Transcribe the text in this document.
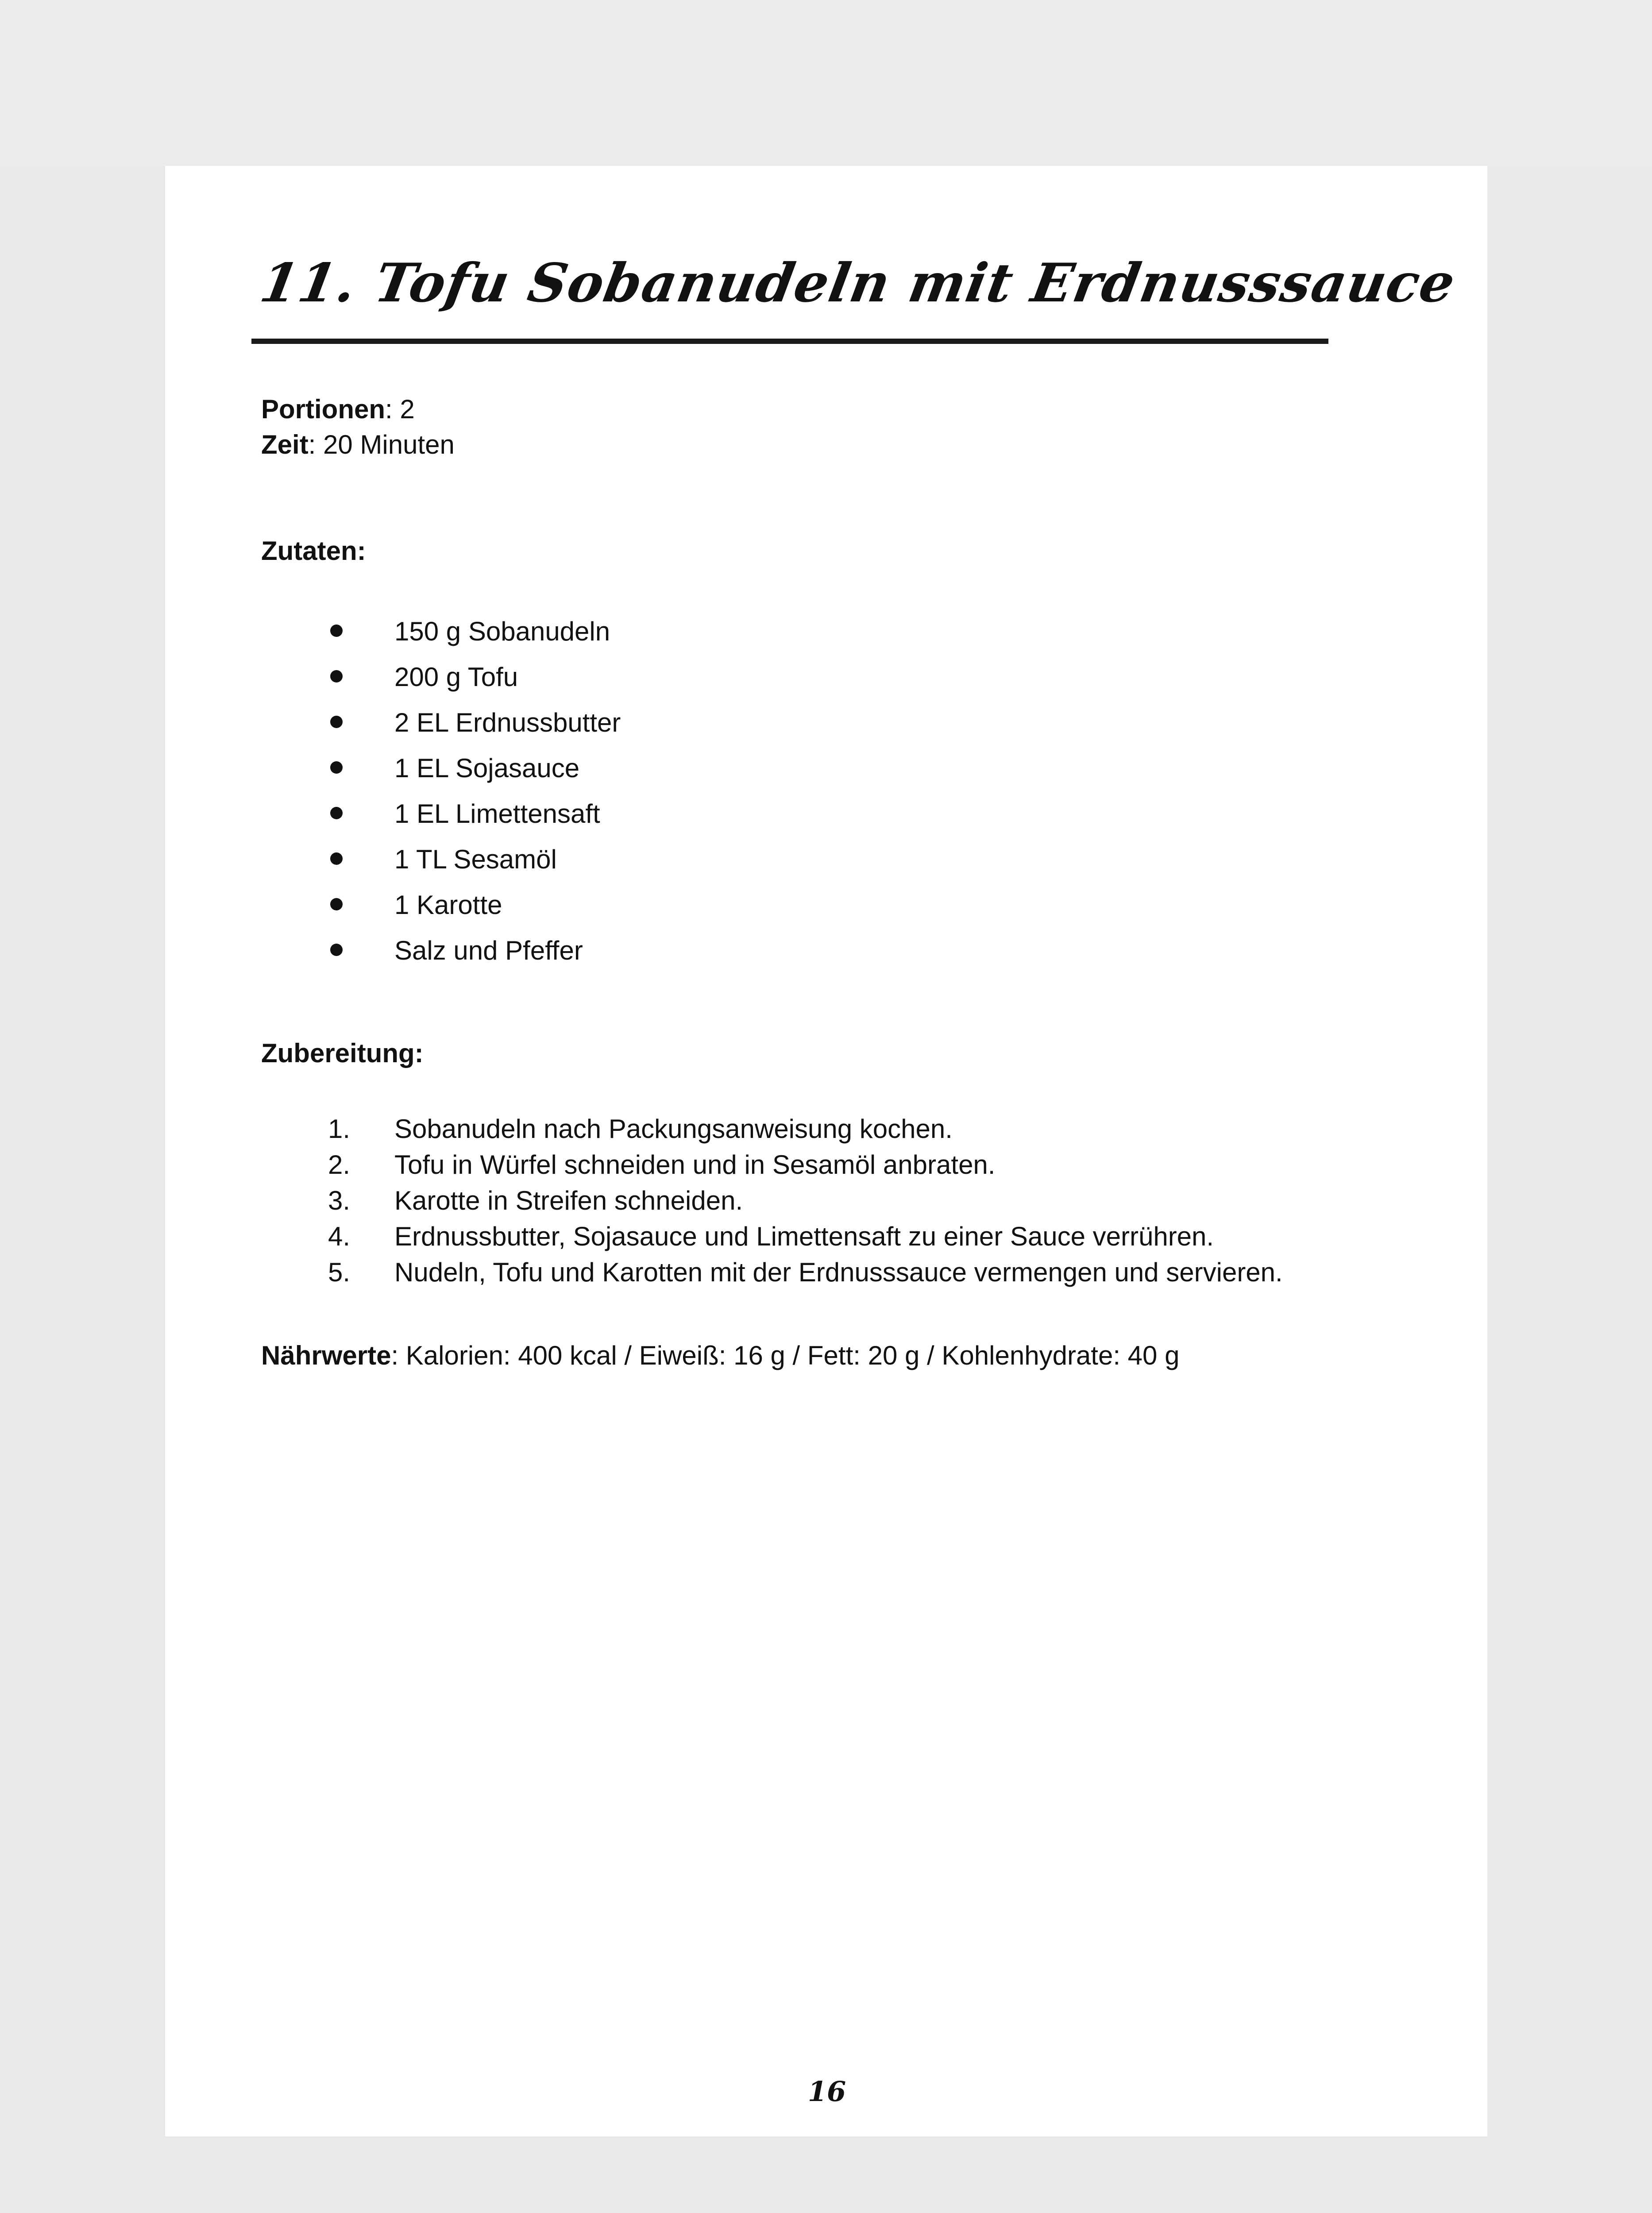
11. Tofu Sobanudeln mit Erdnusssauce
Portionen: 2
Zeit: 20 Minuten
Zutaten:
150 g Sobanudeln
200 g Tofu
2 EL Erdnussbutter
1 EL Sojasauce
1 EL Limettensaft
1 TL Sesamöl
1 Karotte
Salz und Pfeffer
Zubereitung:
1. Sobanudeln nach Packungsanweisung kochen.
2. Tofu in Würfel schneiden und in Sesamöl anbraten.
3. Karotte in Streifen schneiden.
4. Erdnussbutter, Sojasauce und Limettensaft zu einer Sauce verrühren.
5. Nudeln, Tofu und Karotten mit der Erdnusssauce vermengen und servieren.
Nährwerte: Kalorien: 400 kcal / Eiweiß: 16 g / Fett: 20 g / Kohlenhydrate: 40 g
16
